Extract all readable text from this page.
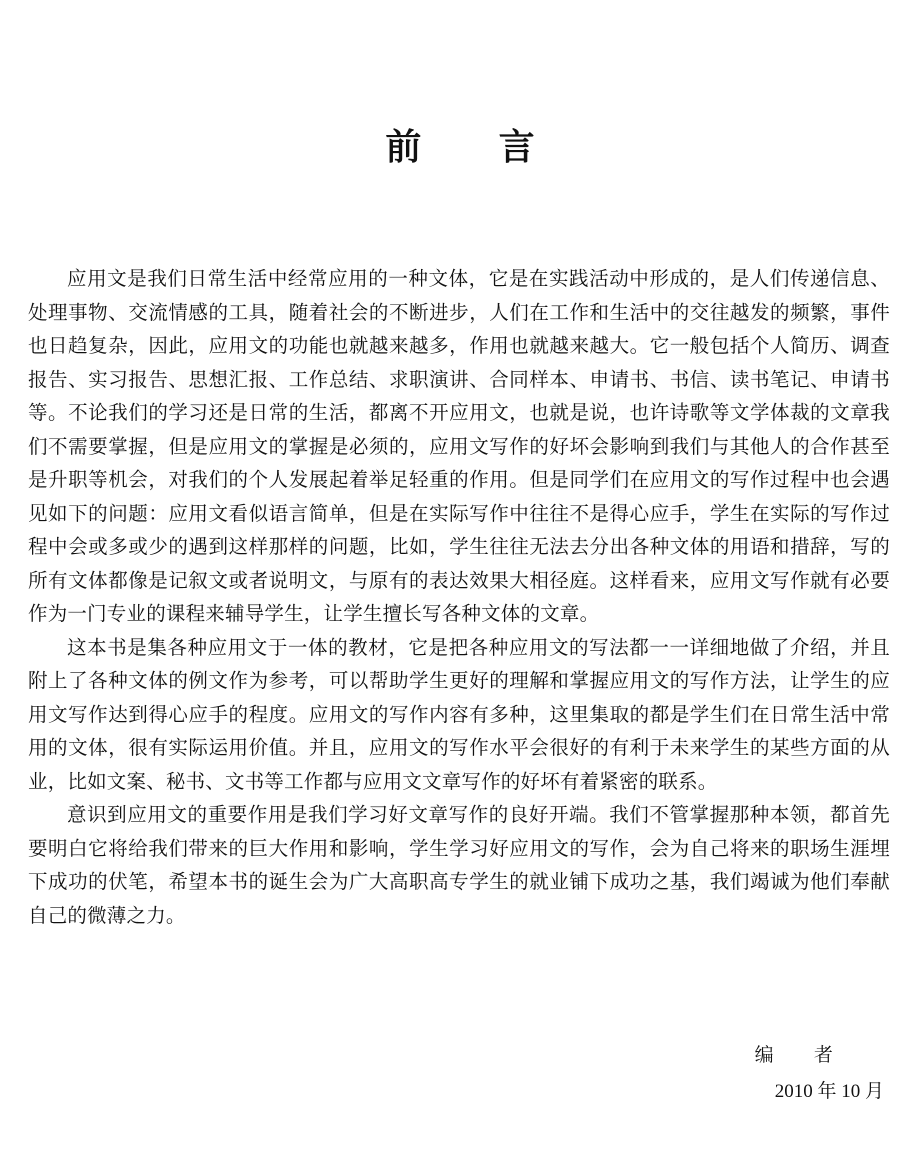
前 言

应用文是我们日常生活中经常应用的一种文体，它是在实践活动中形成的，是人们传递信息、处理事物、交流情感的工具，随着社会的不断进步，人们在工作和生活中的交往越发的频繁，事件也日趋复杂，因此，应用文的功能也就越来越多，作用也就越来越大。它一般包括个人简历、调查报告、实习报告、思想汇报、工作总结、求职演讲、合同样本、申请书、书信、读书笔记、申请书等。不论我们的学习还是日常的生活，都离不开应用文，也就是说，也许诗歌等文学体裁的文章我们不需要掌握，但是应用文的掌握是必须的，应用文写作的好坏会影响到我们与其他人的合作甚至是升职等机会，对我们的个人发展起着举足轻重的作用。但是同学们在应用文的写作过程中也会遇见如下的问题：应用文看似语言简单，但是在实际写作中往往不是得心应手，学生在实际的写作过程中会或多或少的遇到这样那样的问题，比如，学生往往无法去分出各种文体的用语和措辞，写的所有文体都像是记叙文或者说明文，与原有的表达效果大相径庭。这样看来，应用文写作就有必要作为一门专业的课程来辅导学生，让学生擅长写各种文体的文章。

这本书是集各种应用文于一体的教材，它是把各种应用文的写法都一一详细地做了介绍，并且附上了各种文体的例文作为参考，可以帮助学生更好的理解和掌握应用文的写作方法，让学生的应用文写作达到得心应手的程度。应用文的写作内容有多种，这里集取的都是学生们在日常生活中常用的文体，很有实际运用价值。并且，应用文的写作水平会很好的有利于未来学生的某些方面的从业，比如文案、秘书、文书等工作都与应用文文章写作的好坏有着紧密的联系。

意识到应用文的重要作用是我们学习好文章写作的良好开端。我们不管掌握那种本领，都首先要明白它将给我们带来的巨大作用和影响，学生学习好应用文的写作，会为自己将来的职场生涯埋下成功的伏笔，希望本书的诞生会为广大高职高专学生的就业铺下成功之基，我们竭诚为他们奉献自己的微薄之力。

编 者
2010 年 10 月
